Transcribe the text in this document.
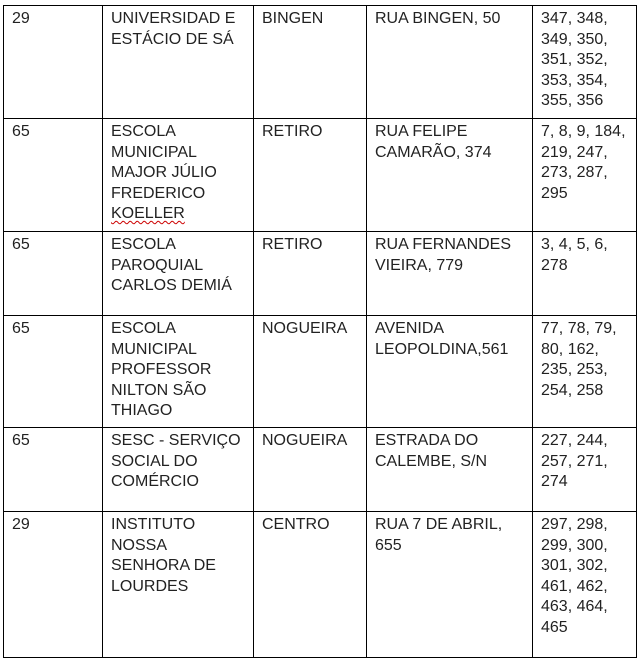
29	UNIVERSIDAD E ESTÁCIO DE SÁ	BINGEN	RUA BINGEN, 50	347, 348, 349, 350, 351, 352, 353, 354, 355, 356
65	ESCOLA MUNICIPAL MAJOR JÚLIO FREDERICO KOELLER	RETIRO	RUA FELIPE CAMARÃO, 374	7, 8, 9, 184, 219, 247, 273, 287, 295
65	ESCOLA PAROQUIAL CARLOS DEMIÁ	RETIRO	RUA FERNANDES VIEIRA, 779	3, 4, 5, 6, 278
65	ESCOLA MUNICIPAL PROFESSOR NILTON SÃO THIAGO	NOGUEIRA	AVENIDA LEOPOLDINA,561	77, 78, 79, 80, 162, 235, 253, 254, 258
65	SESC - SERVIÇO SOCIAL DO COMÉRCIO	NOGUEIRA	ESTRADA DO CALEMBE, S/N	227, 244, 257, 271, 274
29	INSTITUTO NOSSA SENHORA DE LOURDES	CENTRO	RUA 7 DE ABRIL, 655	297, 298, 299, 300, 301, 302, 461, 462, 463, 464, 465
